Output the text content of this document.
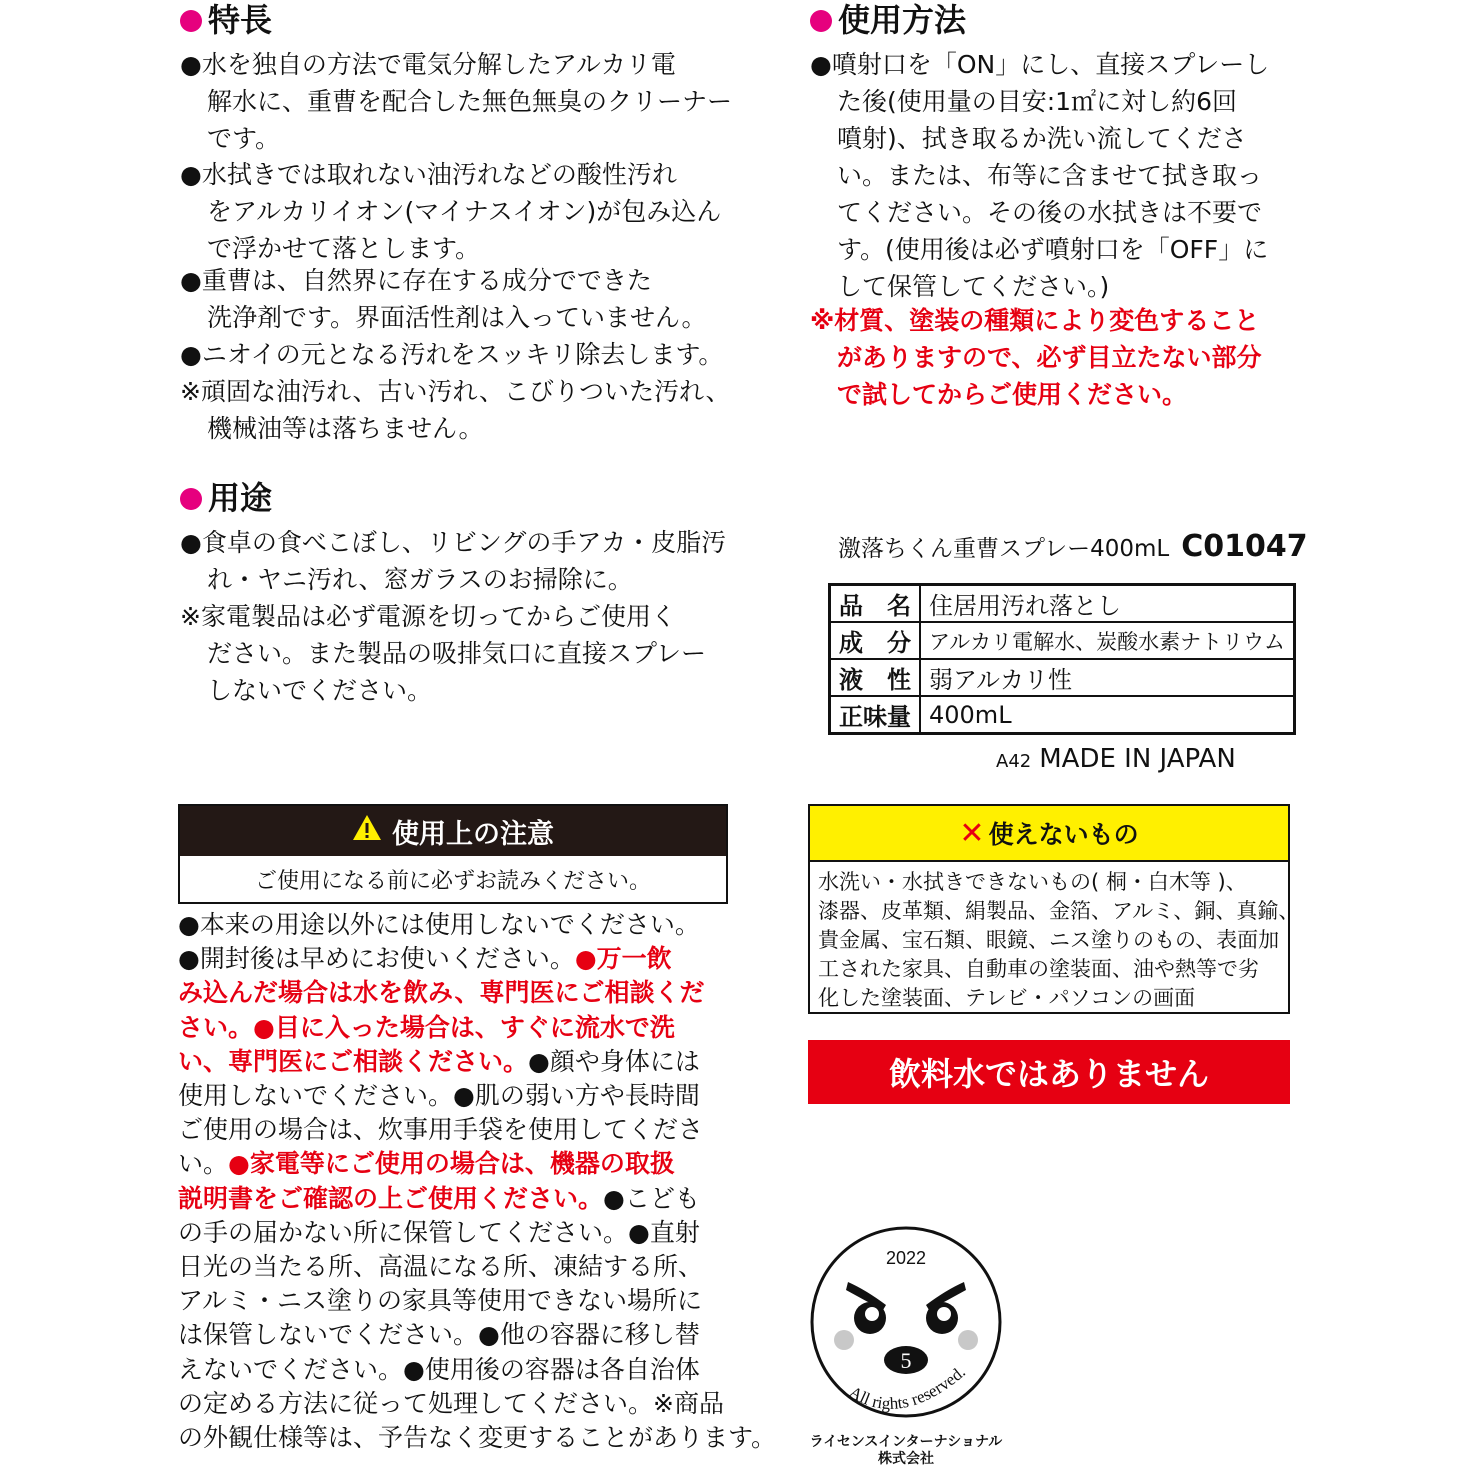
特長
●水を独自の方法で電気分解したアルカリ電
解水に、重曹を配合した無色無臭のクリーナー
です。
●水拭きでは取れない油汚れなどの酸性汚れ
をアルカリイオン(マイナスイオン)が包み込ん
で浮かせて落とします。
●重曹は、自然界に存在する成分でできた
洗浄剤です。界面活性剤は入っていません。
●ニオイの元となる汚れをスッキリ除去します。
※頑固な油汚れ、古い汚れ、こびりついた汚れ、
機械油等は落ちません。
用途
●食卓の食べこぼし、リビングの手アカ・皮脂汚
れ・ヤニ汚れ、窓ガラスのお掃除に。
※家電製品は必ず電源を切ってからご使用く
ださい。また製品の吸排気口に直接スプレー
しないでください。
使用方法
●噴射口を「ON」にし、直接スプレーし
た後(使用量の目安:1㎡に対し約6回
噴射)、拭き取るか洗い流してくださ
い。または、布等に含ませて拭き取っ
てください。その後の水拭きは不要で
す。(使用後は必ず噴射口を「OFF」に
して保管してください。)
※材質、塗装の種類により変色すること
がありますので、必ず目立たない部分
で試してからご使用ください。
激落ちくん重曹スプレー400mL C01047
品名	住居用汚れ落とし
成分	アルカリ電解水、炭酸水素ナトリウム
液性	弱アルカリ性
正味量	400mL
A42 MADE IN JAPAN
使用上の注意
ご使用になる前に必ずお読みください。
●本来の用途以外には使用しないでください。
●開封後は早めにお使いください。●万一飲
み込んだ場合は水を飲み、専門医にご相談くだ
さい。●目に入った場合は、すぐに流水で洗
い、専門医にご相談ください。●顔や身体には
使用しないでください。●肌の弱い方や長時間
ご使用の場合は、炊事用手袋を使用してくださ
い。●家電等にご使用の場合は、機器の取扱
説明書をご確認の上ご使用ください。●こども
の手の届かない所に保管してください。●直射
日光の当たる所、高温になる所、凍結する所、
アルミ・ニス塗りの家具等使用できない場所に
は保管しないでください。●他の容器に移し替
えないでください。●使用後の容器は各自治体
の定める方法に従って処理してください。※商品
の外観仕様等は、予告なく変更することがあります。
✕ 使えないもの
水洗い・水拭きできないもの( 桐・白木等 )、
漆器、皮革類、絹製品、金箔、アルミ、銅、真鍮、
貴金属、宝石類、眼鏡、ニス塗りのもの、表面加
工された家具、自動車の塗装面、油や熱等で劣
化した塗装面、テレビ・パソコンの画面
飲料水ではありません
2022
5
All rights reserved.
ライセンスインターナショナル
株式会社
